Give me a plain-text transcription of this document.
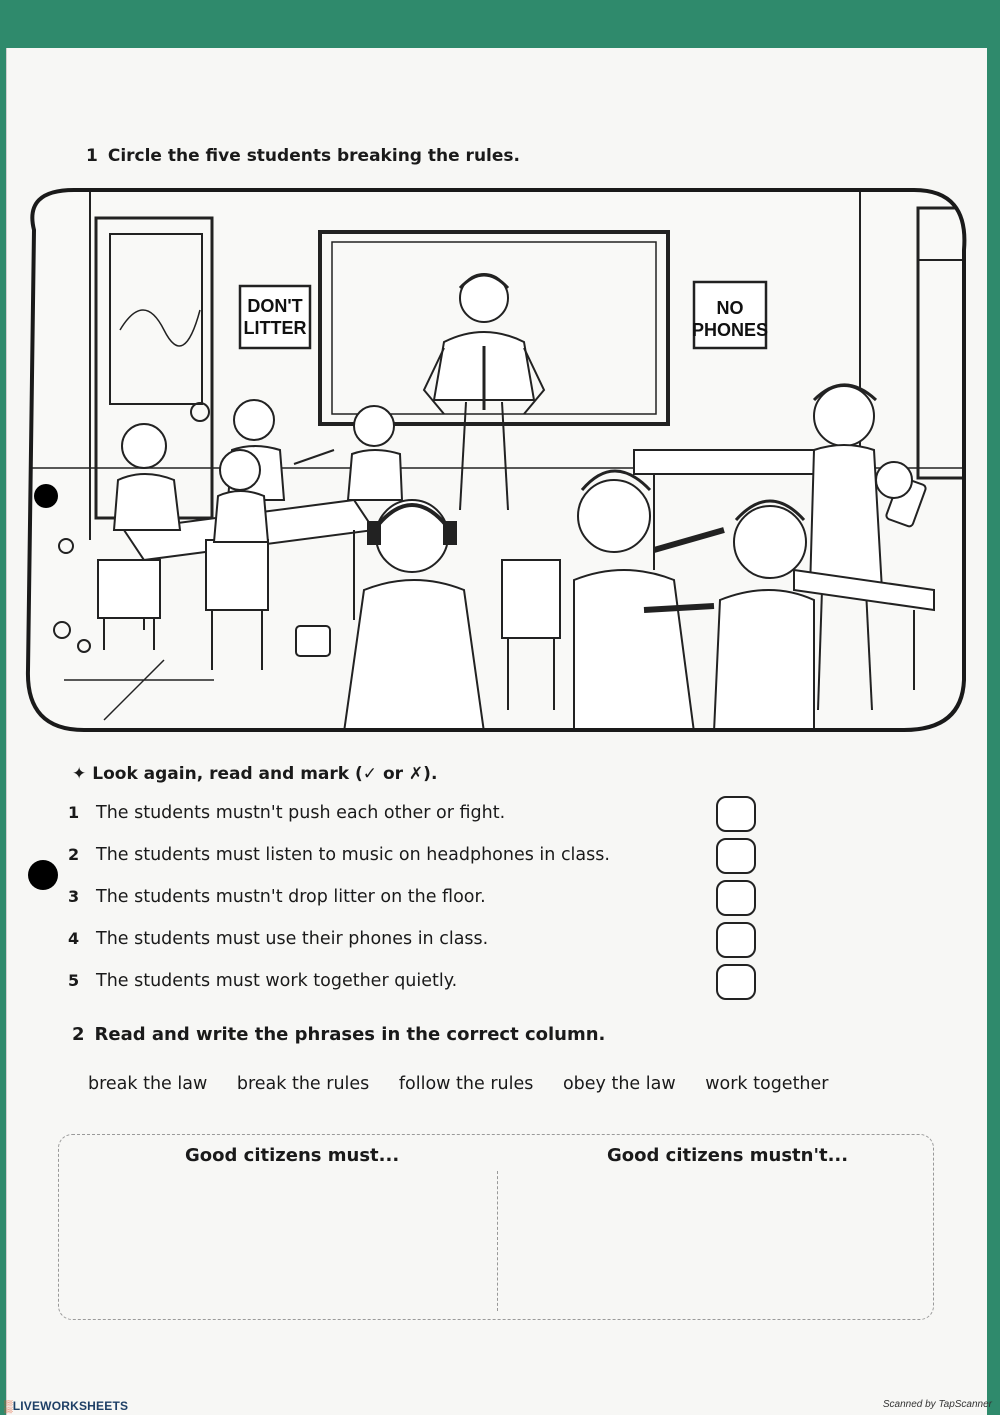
1 Circle the five students breaking the rules.
DON'T
LITTER
NO
PHONES
✦ Look again, read and mark (✓ or ✗).
1 The students mustn't push each other or fight.
2 The students must listen to music on headphones in class.
3 The students mustn't drop litter on the floor.
4 The students must use their phones in class.
5 The students must work together quietly.
2 Read and write the phrases in the correct column.
break the law break the rules follow the rules obey the law work together
Good citizens must...	Good citizens mustn't...
▒LIVEWORKSHEETS	Scanned by TapScanner
